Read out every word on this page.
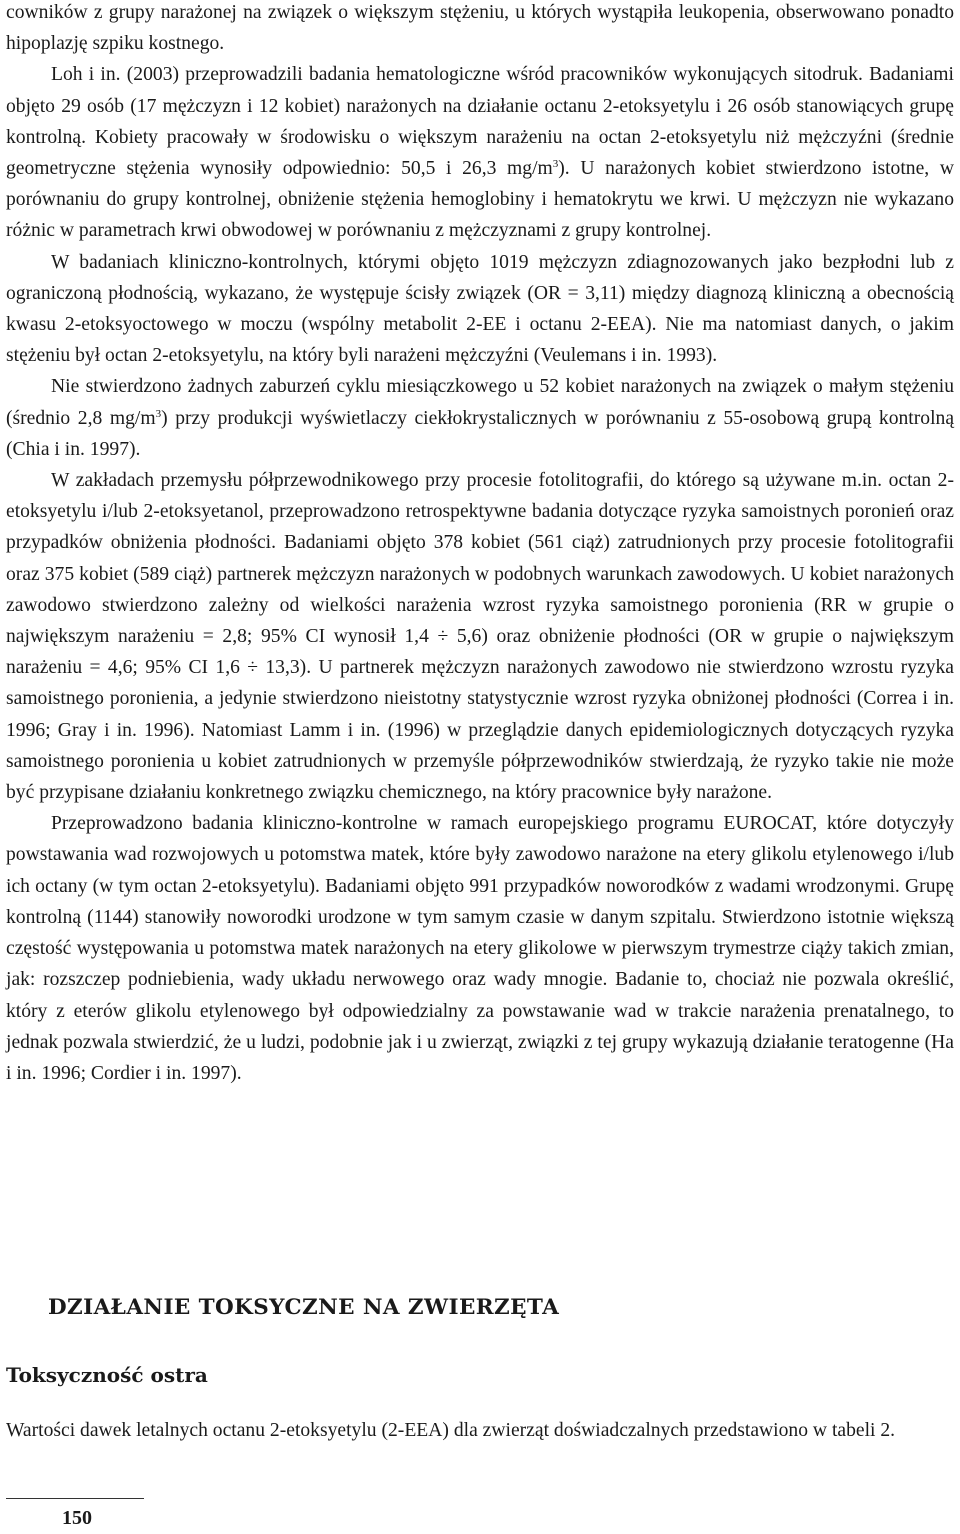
cowników z grupy narażonej na związek o większym stężeniu, u których wystąpiła leukopenia, obserwowano ponadto hipoplazję szpiku kostnego.

Loh i in. (2003) przeprowadzili badania hematologiczne wśród pracowników wykonujących sitodruk. Badaniami objęto 29 osób (17 mężczyzn i 12 kobiet) narażonych na działanie octanu 2-etoksyetylu i 26 osób stanowiących grupę kontrolną. Kobiety pracowały w środowisku o większym narażeniu na octan 2-etoksyetylu niż mężczyźni (średnie geometryczne stężenia wynosiły odpowiednio: 50,5 i 26,3 $mg/m^3$). U narażonych kobiet stwierdzono istotne, w porównaniu do grupy kontrolnej, obniżenie stężenia hemoglobiny i hematokrytu we krwi. U mężczyzn nie wykazano różnic w parametrach krwi obwodowej w porównaniu z mężczyznami z grupy kontrolnej.

W badaniach kliniczno-kontrolnych, którymi objęto 1019 mężczyzn zdiagnozowanych jako bezpłodni lub z ograniczoną płodnością, wykazano, że występuje ścisły związek (OR = 3,11) między diagnozą kliniczną a obecnością kwasu 2-etoksyoctowego w moczu (wspólny metabolit 2-EE i octanu 2-EEA). Nie ma natomiast danych, o jakim stężeniu był octan 2-etoksyetylu, na który byli narażeni mężczyźni (Veulemans i in. 1993).

Nie stwierdzono żadnych zaburzeń cyklu miesiączkowego u 52 kobiet narażonych na związek o małym stężeniu (średnio 2,8 $mg/m^3$) przy produkcji wyświetlaczy ciekłokrystalicznych w porównaniu z 55-osobową grupą kontrolną (Chia i in. 1997).

W zakładach przemysłu półprzewodnikowego przy procesie fotolitografii, do którego są używane m.in. octan 2-etoksyetylu i/lub 2-etoksyetanol, przeprowadzono retrospektywne badania dotyczące ryzyka samoistnych poronień oraz przypadków obniżenia płodności. Badaniami objęto 378 kobiet (561 ciąż) zatrudnionych przy procesie fotolitografii oraz 375 kobiet (589 ciąż) partnerek mężczyzn narażonych w podobnych warunkach zawodowych. U kobiet narażonych zawodowo stwierdzono zależny od wielkości narażenia wzrost ryzyka samoistnego poronienia (RR w grupie o największym narażeniu = 2,8; 95% CI wynosił 1,4 ÷ 5,6) oraz obniżenie płodności (OR w grupie o największym narażeniu = 4,6; 95% CI 1,6 ÷ 13,3). U partnerek mężczyzn narażonych zawodowo nie stwierdzono wzrostu ryzyka samoistnego poronienia, a jedynie stwierdzono nieistotny statystycznie wzrost ryzyka obniżonej płodności (Correa i in. 1996; Gray i in. 1996). Natomiast Lamm i in. (1996) w przeglądzie danych epidemiologicznych dotyczących ryzyka samoistnego poronienia u kobiet zatrudnionych w przemyśle półprzewodników stwierdzają, że ryzyko takie nie może być przypisane działaniu konkretnego związku chemicznego, na który pracownice były narażone.

Przeprowadzono badania kliniczno-kontrolne w ramach europejskiego programu EUROCAT, które dotyczyły powstawania wad rozwojowych u potomstwa matek, które były zawodowo narażone na etery glikolu etylenowego i/lub ich octany (w tym octan 2-etoksyetylu). Badaniami objęto 991 przypadków noworodków z wadami wrodzonymi. Grupę kontrolną (1144) stanowiły noworodki urodzone w tym samym czasie w danym szpitalu. Stwierdzono istotnie większą częstość występowania u potomstwa matek narażonych na etery glikolowe w pierwszym trymestrze ciąży takich zmian, jak: rozszczep podniebienia, wady układu nerwowego oraz wady mnogie. Badanie to, chociaż nie pozwala określić, który z eterów glikolu etylenowego był odpowiedzialny za powstawanie wad w trakcie narażenia prenatalnego, to jednak pozwala stwierdzić, że u ludzi, podobnie jak i u zwierząt, związki z tej grupy wykazują działanie teratogenne (Ha i in. 1996; Cordier i in. 1997).

DZIAŁANIE TOKSYCZNE NA ZWIERZĘTA
Toksyczność ostra

Wartości dawek letalnych octanu 2-etoksyetylu (2-EEA) dla zwierząt doświadczalnych przedstawiono w tabeli 2.

150
